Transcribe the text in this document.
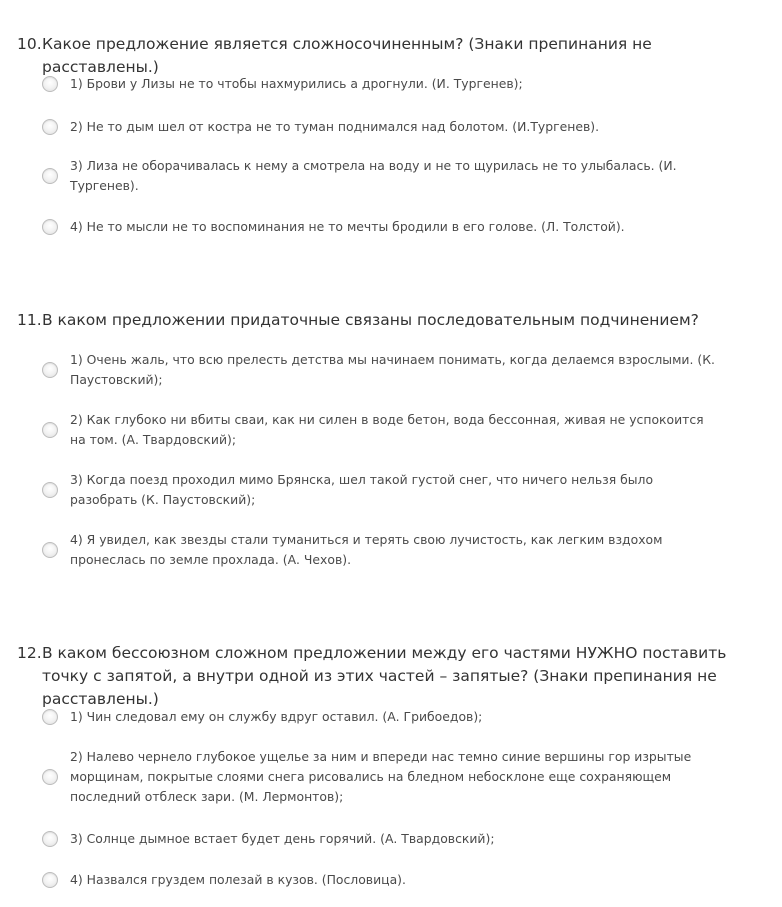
10. Какое предложение является сложносочиненным? (Знаки препинания не расставлены.)
1) Брови у Лизы не то чтобы нахмурились а дрогнули. (И. Тургенев);
2) Не то дым шел от костра не то туман поднимался над болотом. (И.Тургенев).
3) Лиза не оборачивалась к нему а смотрела на воду и не то щурилась не то улыбалась. (И. Тургенев).
4) Не то мысли не то воспоминания не то мечты бродили в его голове. (Л. Толстой).
11. В каком предложении придаточные связаны последовательным подчинением?
1) Очень жаль, что всю прелесть детства мы начинаем понимать, когда делаемся взрослыми. (К. Паустовский);
2) Как глубоко ни вбиты сваи, как ни силен в воде бетон, вода бессонная, живая не успокоится на том. (А. Твардовский);
3) Когда поезд проходил мимо Брянска, шел такой густой снег, что ничего нельзя было разобрать (К. Паустовский);
4) Я увидел, как звезды стали туманиться и терять свою лучистость, как легким вздохом пронеслась по земле прохлада. (А. Чехов).
12. В каком бессоюзном сложном предложении между его частями НУЖНО поставить точку с запятой, а внутри одной из этих частей – запятые? (Знаки препинания не расставлены.)
1) Чин следовал ему он службу вдруг оставил. (А. Грибоедов);
2) Налево чернело глубокое ущелье за ним и впереди нас темно синие вершины гор изрытые морщинам, покрытые слоями снега рисовались на бледном небосклоне еще сохраняющем последний отблеск зари. (М. Лермонтов);
3) Солнце дымное встает будет день горячий. (А. Твардовский);
4) Назвался груздем полезай в кузов. (Пословица).
